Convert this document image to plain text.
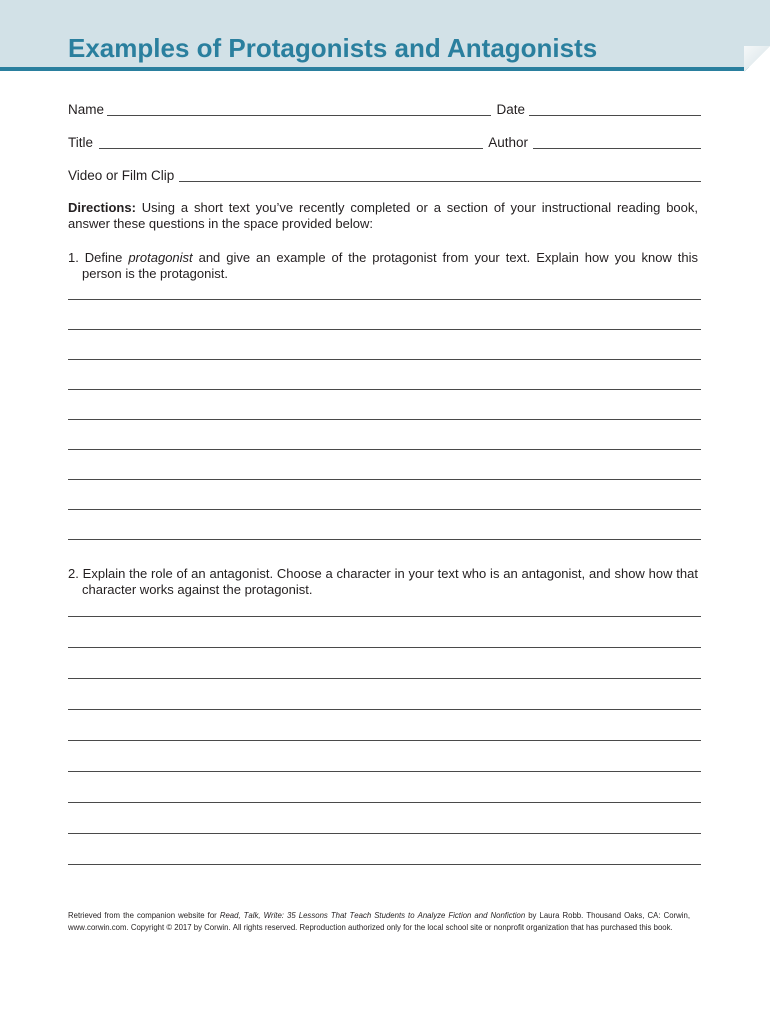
Examples of Protagonists and Antagonists
Name	Date
Title	Author
Video or Film Clip

Directions: Using a short text you’ve recently completed or a section of your instructional reading book, answer these questions in the space provided below:

1. Define protagonist and give an example of the protagonist from your text. Explain how you know this person is the protagonist.

2. Explain the role of an antagonist. Choose a character in your text who is an antagonist, and show how that character works against the protagonist.

Retrieved from the companion website for Read, Talk, Write: 35 Lessons That Teach Students to Analyze Fiction and Nonfiction by Laura Robb. Thousand Oaks, CA: Corwin, www.corwin.com. Copyright © 2017 by Corwin. All rights reserved. Reproduction authorized only for the local school site or nonprofit organization that has purchased this book.
